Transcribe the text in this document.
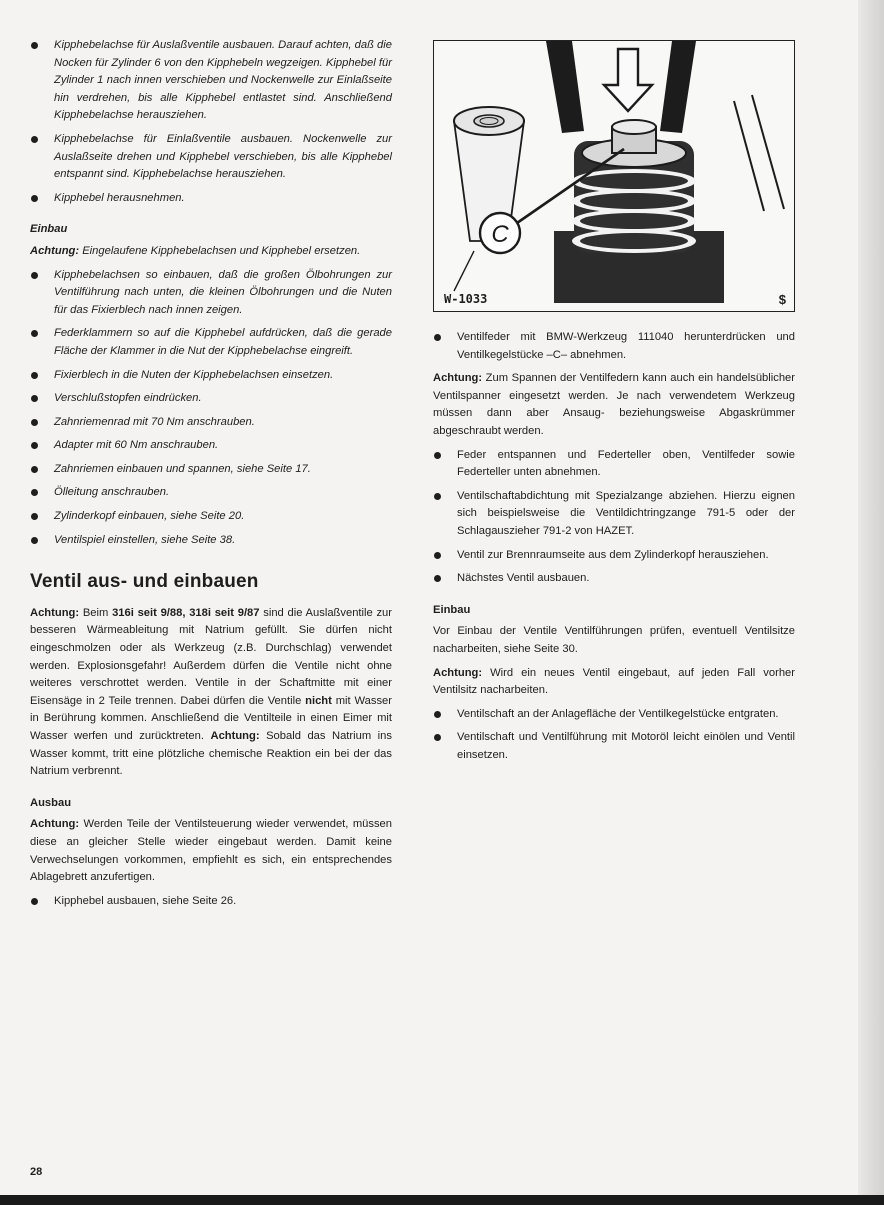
Kipphebelachse für Auslaßventile ausbauen. Darauf achten, daß die Nocken für Zylinder 6 von den Kipphebeln wegzeigen. Kipphebel für Zylinder 1 nach innen verschieben und Nockenwelle zur Einlaßseite hin verdrehen, bis alle Kipphebel entlastet sind. Anschließend Kipphebelachse herausziehen.
Kipphebelachse für Einlaßventile ausbauen. Nockenwelle zur Auslaßseite drehen und Kipphebel verschieben, bis alle Kipphebel entspannt sind. Kipphebelachse herausziehen.
Kipphebel herausnehmen.
Einbau

Achtung: Eingelaufene Kipphebelachsen und Kipphebel ersetzen.

Kipphebelachsen so einbauen, daß die großen Ölbohrungen zur Ventilführung nach unten, die kleinen Ölbohrungen und die Nuten für das Fixierblech nach innen zeigen.
Federklammern so auf die Kipphebel aufdrücken, daß die gerade Fläche der Klammer in die Nut der Kipphebelachse eingreift.
Fixierblech in die Nuten der Kipphebelachsen einsetzen.
Verschlußstopfen eindrücken.
Zahnriemenrad mit 70 Nm anschrauben.
Adapter mit 60 Nm anschrauben.
Zahnriemen einbauen und spannen, siehe Seite 17.
Ölleitung anschrauben.
Zylinderkopf einbauen, siehe Seite 20.
Ventilspiel einstellen, siehe Seite 38.
Ventil aus- und einbauen

Achtung: Beim 316i seit 9/88, 318i seit 9/87 sind die Auslaßventile zur besseren Wärmeableitung mit Natrium gefüllt. Sie dürfen nicht eingeschmolzen oder als Werkzeug (z.B. Durchschlag) verwendet werden. Explosionsgefahr! Außerdem dürfen die Ventile nicht ohne weiteres verschrottet werden. Ventile in der Schaftmitte mit einer Eisensäge in 2 Teile trennen. Dabei dürfen die Ventile nicht mit Wasser in Berührung kommen. Anschließend die Ventilteile in einen Eimer mit Wasser werfen und zurücktreten. Achtung: Sobald das Natrium ins Wasser kommt, tritt eine plötzliche chemische Reaktion ein bei der das Natrium verbrennt.

Ausbau

Achtung: Werden Teile der Ventilsteuerung wieder verwendet, müssen diese an gleicher Stelle wieder eingebaut werden. Damit keine Verwechselungen vorkommen, empfiehlt es sich, ein entsprechendes Ablagebrett anzufertigen.

Kipphebel ausbauen, siehe Seite 26.
C
W-1033	$
Ventilfeder mit BMW-Werkzeug 111040 herunterdrücken und Ventilkegelstücke –C– abnehmen.

Achtung: Zum Spannen der Ventilfedern kann auch ein handelsüblicher Ventilspanner eingesetzt werden. Je nach verwendetem Werkzeug müssen dann aber Ansaug- beziehungsweise Abgaskrümmer abgeschraubt werden.

Feder entspannen und Federteller oben, Ventilfeder sowie Federteller unten abnehmen.
Ventilschaftabdichtung mit Spezialzange abziehen. Hierzu eignen sich beispielsweise die Ventildichtringzange 791-5 oder der Schlagauszieher 791-2 von HAZET.
Ventil zur Brennraumseite aus dem Zylinderkopf herausziehen.
Nächstes Ventil ausbauen.
Einbau

Vor Einbau der Ventile Ventilführungen prüfen, eventuell Ventilsitze nacharbeiten, siehe Seite 30.

Achtung: Wird ein neues Ventil eingebaut, auf jeden Fall vorher Ventilsitz nacharbeiten.

Ventilschaft an der Anlagefläche der Ventilkegelstücke entgraten.
Ventilschaft und Ventilführung mit Motoröl leicht einölen und Ventil einsetzen.
28
